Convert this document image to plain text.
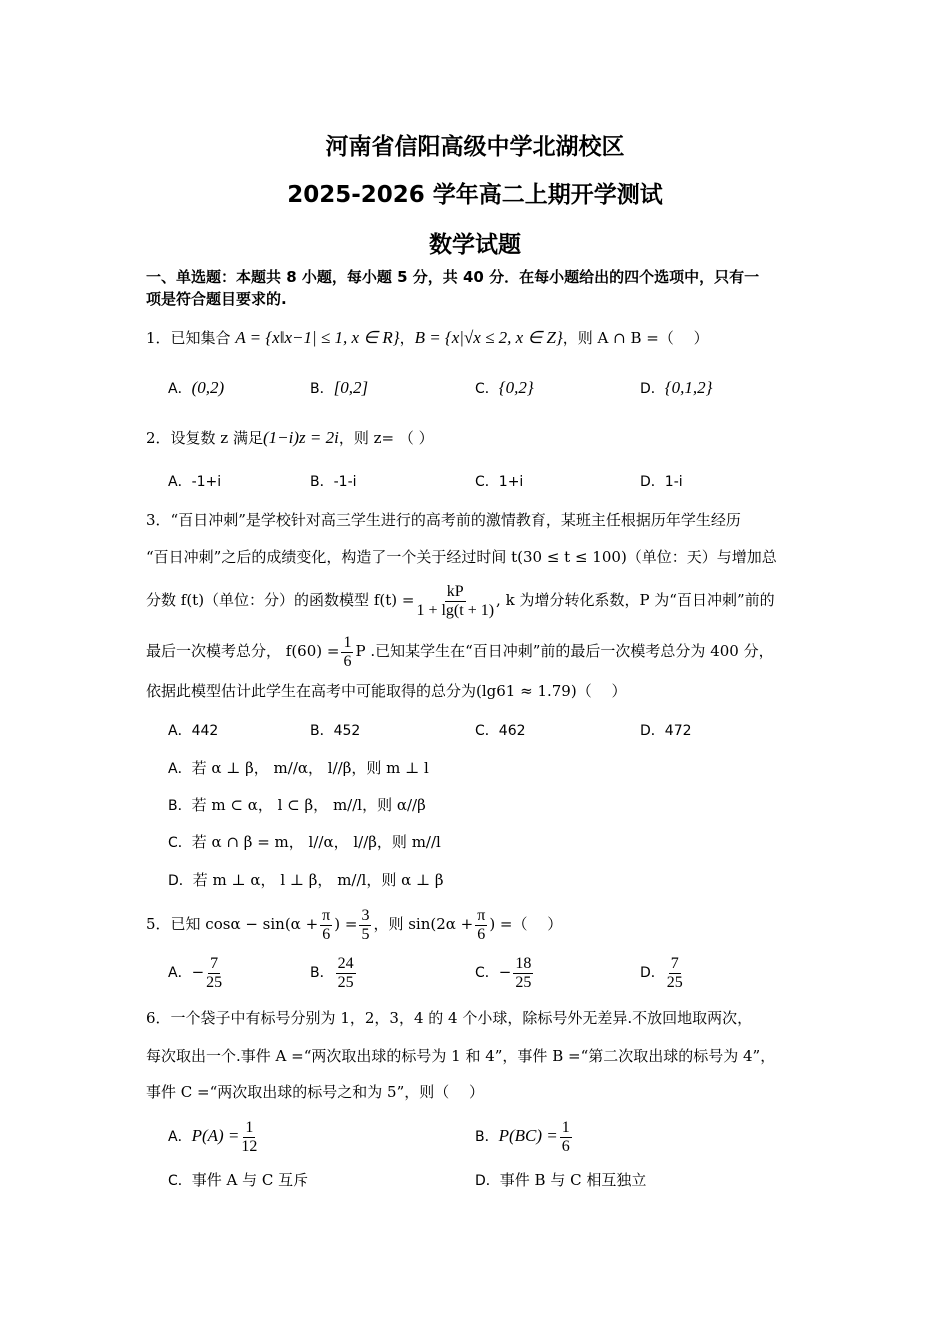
河南省信阳高级中学北湖校区
2025-2026 学年高二上期开学测试
数学试题
一、单选题：本题共 8 小题，每小题 5 分，共 40 分．在每小题给出的四个选项中，只有一
项是符合题目要求的.
1．已知集合 A = {x‖x−1| ≤ 1, x ∈ R}，B = {x|√x ≤ 2, x ∈ Z}，则 A ∩ B =（　 ）
A．(0,2)	B．[0,2]	C．{0,2}	D．{0,1,2}
2．设复数 z 满足(1−i)z = 2i，则 z= （ ）
A．-1+i	B．-1-i	C．1+i	D．1-i
3．“百日冲刺”是学校针对高三学生进行的高考前的激情教育，某班主任根据历年学生经历
“百日冲刺”之后的成绩变化，构造了一个关于经过时间 t(30 ≤ t ≤ 100)（单位：天）与增加总
分数 f(t)（单位：分）的函数模型 $f(t) = \frac{kP}{1 + \lg(t + 1)}$ , k 为增分转化系数，P 为“百日冲刺”前的
最后一次模考总分， $f(60) = \frac{1}{6}$ P .已知某学生在“百日冲刺”前的最后一次模考总分为 400 分，
依据此模型估计此学生在高考中可能取得的总分为(lg61 ≈ 1.79)（　 ）
A．442	B．452	C．462	D．472
A．若 α ⊥ β， m//α， l//β，则 m ⊥ l
B．若 m ⊂ α， l ⊂ β， m//l，则 α//β
C．若 α ∩ β = m， l//α， l//β，则 m//l
D．若 m ⊥ α， l ⊥ β， m//l，则 α ⊥ β
5．已知 $\cos\alpha - \sin(\alpha + \frac{\pi}{6}$ ) = $\frac{3}{5}$ ，则 $\sin(2\alpha + \frac{\pi}{6}$ ) =（　 ）
A．− $\frac{7}{25}$	B． $\frac{24}{25}$	C．− $\frac{18}{25}$	D． $\frac{7}{25}$
6．一个袋子中有标号分别为 1，2，3，4 的 4 个小球，除标号外无差异.不放回地取两次，
每次取出一个.事件 A =“两次取出球的标号为 1 和 4”，事件 B =“第二次取出球的标号为 4”，
事件 C =“两次取出球的标号之和为 5”，则（　 ）
A．$P(A) = \frac{1}{12}$	B．$P(BC) = \frac{1}{6}$
C．事件 A 与 C 互斥	D．事件 B 与 C 相互独立
